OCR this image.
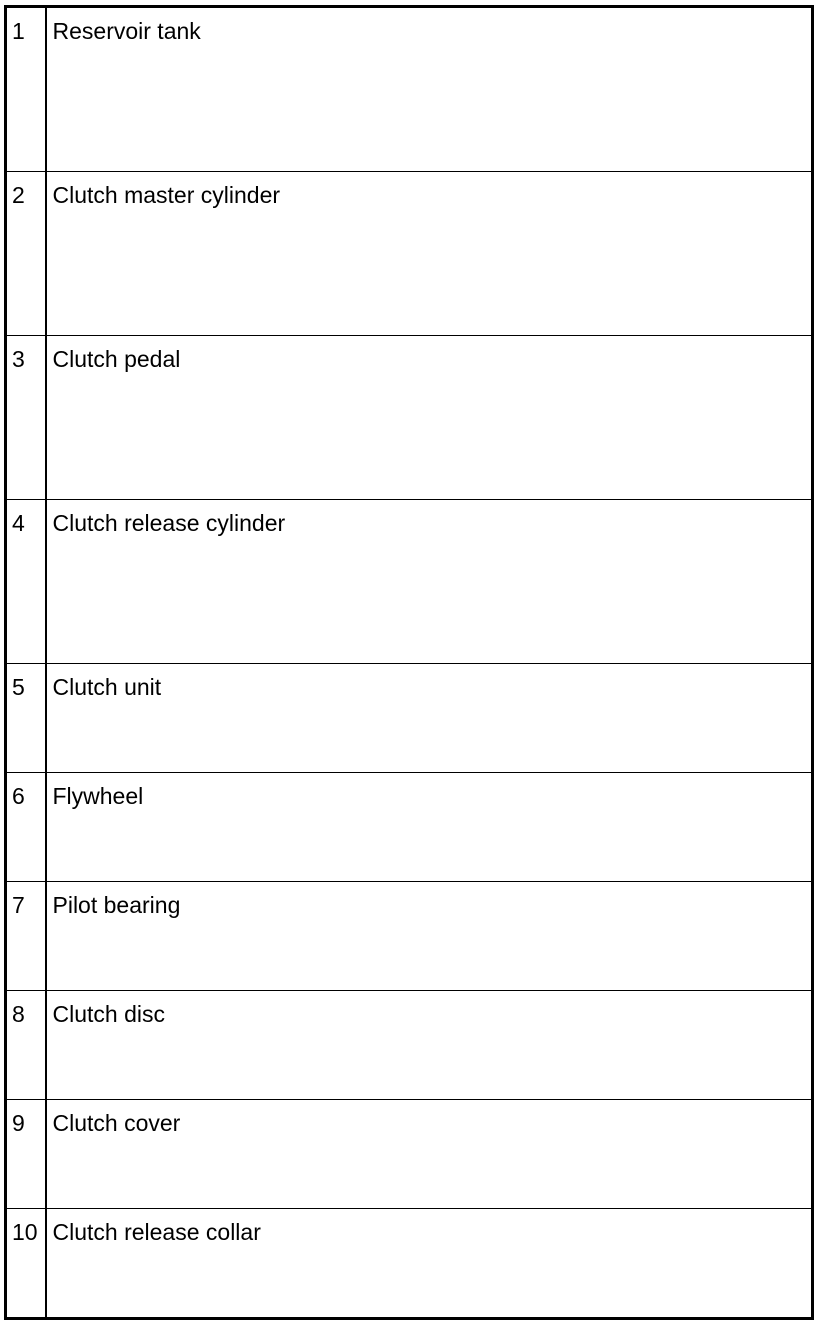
1	Reservoir tank
2	Clutch master cylinder
3	Clutch pedal
4	Clutch release cylinder
5	Clutch unit
6	Flywheel
7	Pilot bearing
8	Clutch disc
9	Clutch cover
10	Clutch release collar
